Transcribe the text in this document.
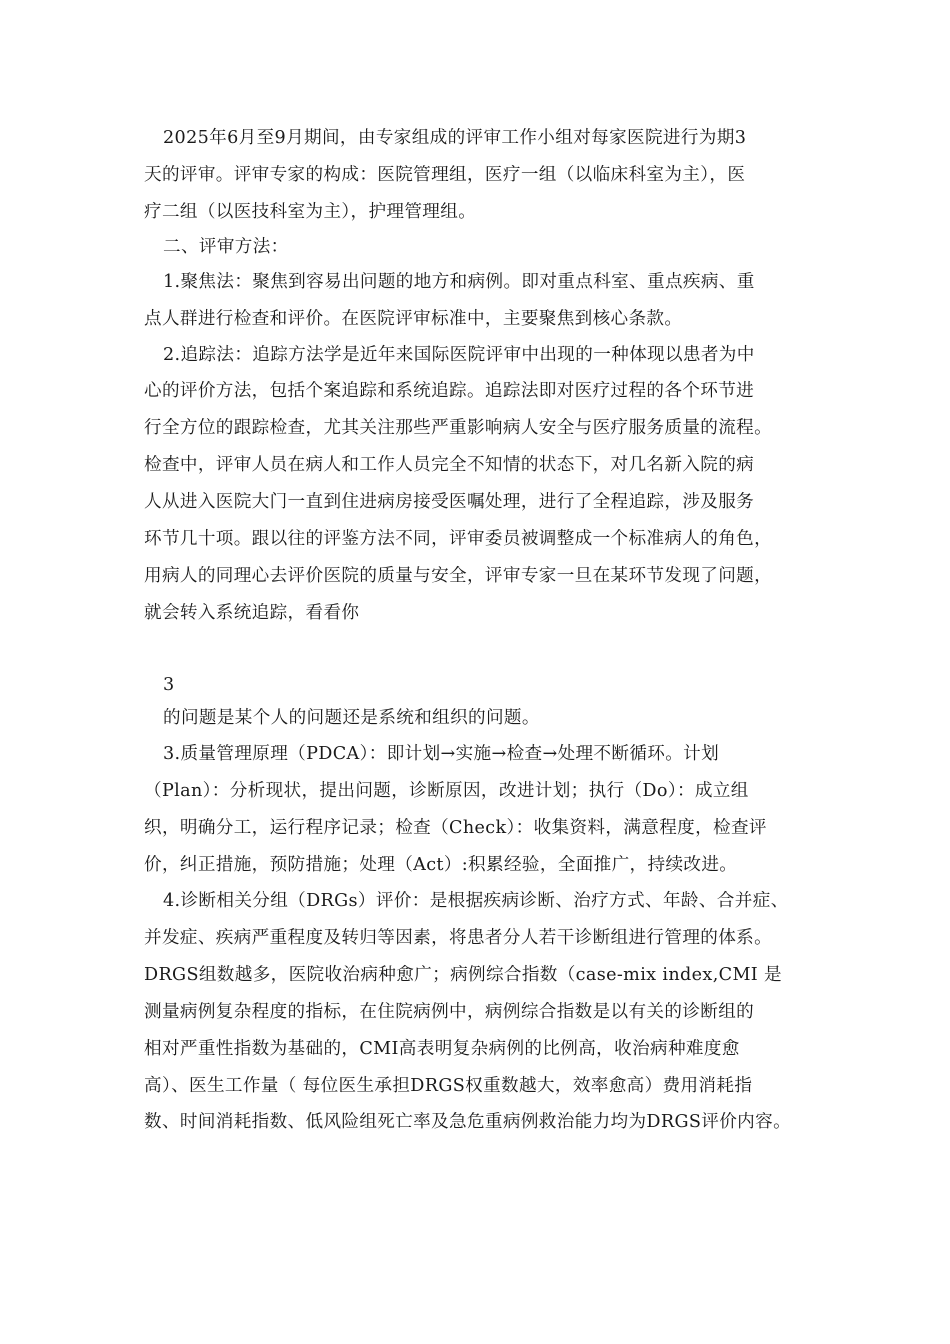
2025年6月至9月期间，由专家组成的评审工作小组对每家医院进行为期3
天的评审。评审专家的构成：医院管理组，医疗一组（以临床科室为主），医
疗二组（以医技科室为主），护理管理组。
二、评审方法：
1.聚焦法：聚焦到容易出问题的地方和病例。即对重点科室、重点疾病、重
点人群进行检查和评价。在医院评审标准中，主要聚焦到核心条款。
2.追踪法：追踪方法学是近年来国际医院评审中出现的一种体现以患者为中
心的评价方法，包括个案追踪和系统追踪。追踪法即对医疗过程的各个环节进
行全方位的跟踪检查，尤其关注那些严重影响病人安全与医疗服务质量的流程。
检查中，评审人员在病人和工作人员完全不知情的状态下，对几名新入院的病
人从进入医院大门一直到住进病房接受医嘱处理，进行了全程追踪，涉及服务
环节几十项。跟以往的评鉴方法不同，评审委员被调整成一个标准病人的角色，
用病人的同理心去评价医院的质量与安全，评审专家一旦在某环节发现了问题，
就会转入系统追踪，看看你
3
的问题是某个人的问题还是系统和组织的问题。
3.质量管理原理（PDCA）：即计划→实施→检查→处理不断循环。计划
（Plan）：分析现状，提出问题，诊断原因，改进计划；执行（Do）：成立组
织，明确分工，运行程序记录；检查（Check）：收集资料，满意程度，检查评
价，纠正措施，预防措施；处理（Act）:积累经验，全面推广，持续改进。
4.诊断相关分组（DRGs）评价：是根据疾病诊断、治疗方式、年龄、合并症、
并发症、疾病严重程度及转归等因素，将患者分人若干诊断组进行管理的体系。
DRGS组数越多，医院收治病种愈广；病例综合指数（case-mix index,CMI 是
测量病例复杂程度的指标，在住院病例中，病例综合指数是以有关的诊断组的
相对严重性指数为基础的，CMI高表明复杂病例的比例高，收治病种难度愈
高）、医生工作量（ 每位医生承担DRGS权重数越大，效率愈高）费用消耗指
数、时间消耗指数、低风险组死亡率及急危重病例救治能力均为DRGS评价内容。
